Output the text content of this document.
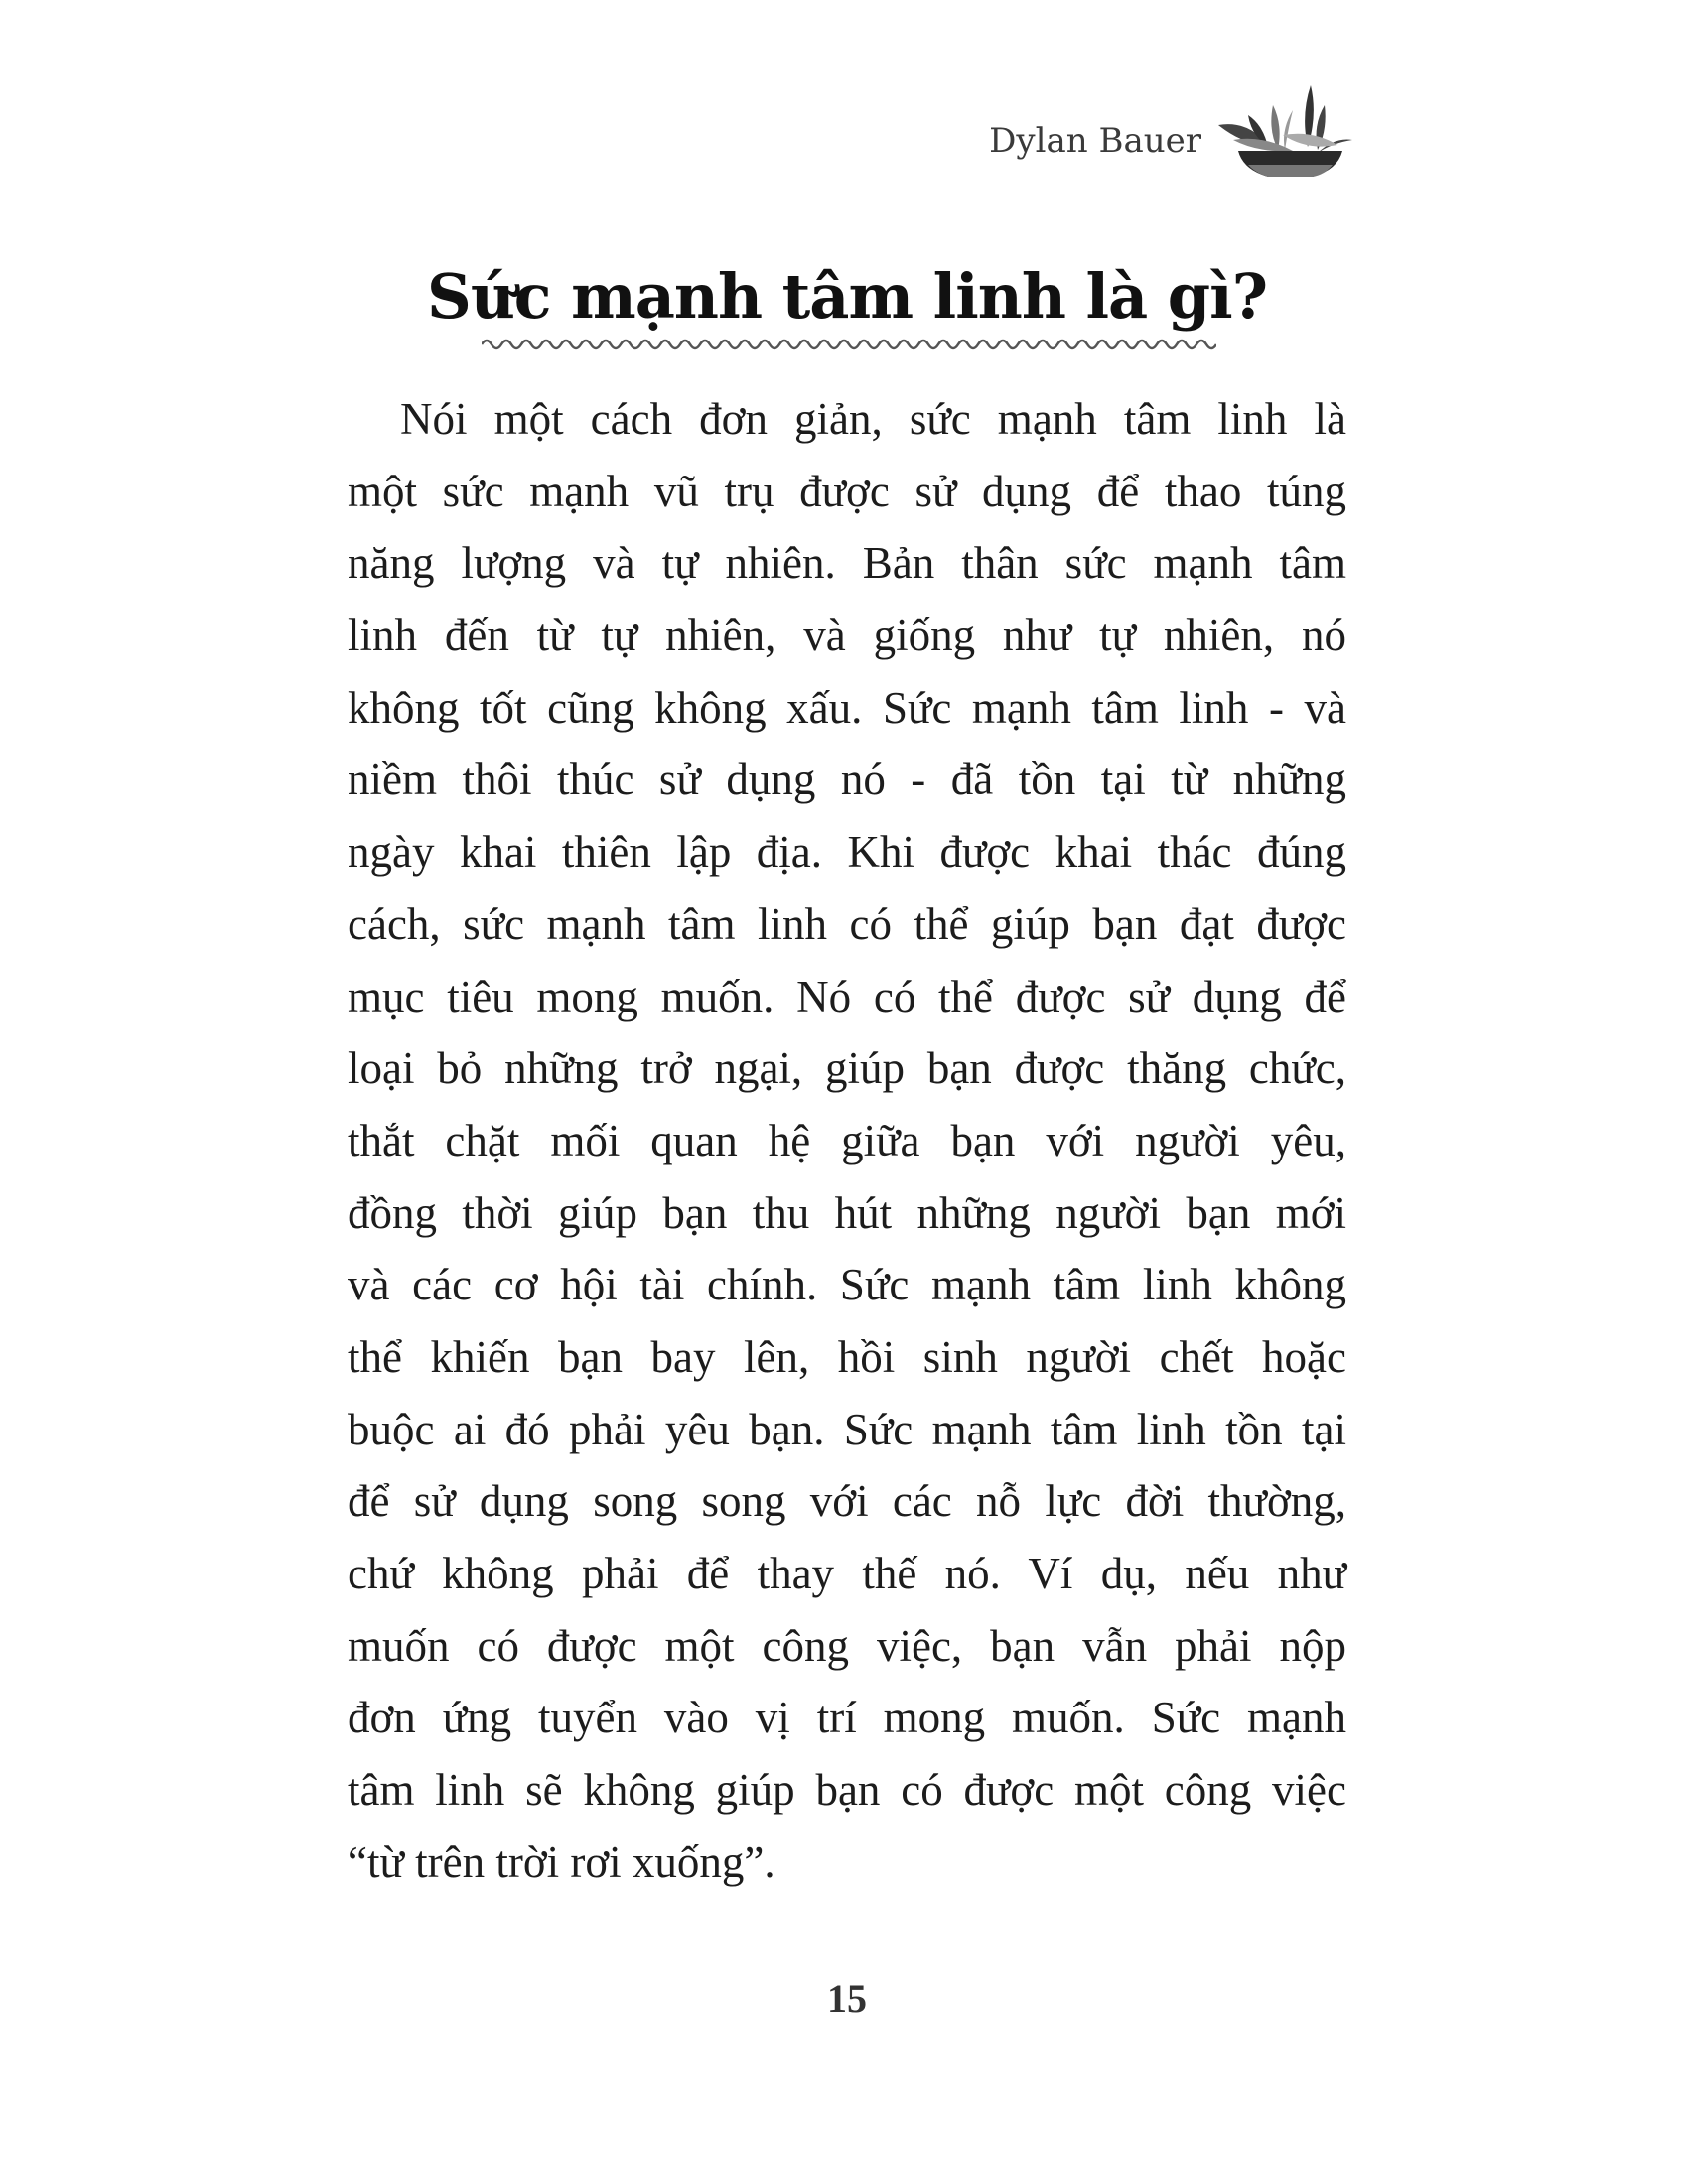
Dylan Bauer
Sức mạnh tâm linh là gì?
Nói một cách đơn giản, sức mạnh tâm linh là
một sức mạnh vũ trụ được sử dụng để thao túng
năng lượng và tự nhiên. Bản thân sức mạnh tâm
linh đến từ tự nhiên, và giống như tự nhiên, nó
không tốt cũng không xấu. Sức mạnh tâm linh - và
niềm thôi thúc sử dụng nó - đã tồn tại từ những
ngày khai thiên lập địa. Khi được khai thác đúng
cách, sức mạnh tâm linh có thể giúp bạn đạt được
mục tiêu mong muốn. Nó có thể được sử dụng để
loại bỏ những trở ngại, giúp bạn được thăng chức,
thắt chặt mối quan hệ giữa bạn với người yêu,
đồng thời giúp bạn thu hút những người bạn mới
và các cơ hội tài chính. Sức mạnh tâm linh không
thể khiến bạn bay lên, hồi sinh người chết hoặc
buộc ai đó phải yêu bạn. Sức mạnh tâm linh tồn tại
để sử dụng song song với các nỗ lực đời thường,
chứ không phải để thay thế nó. Ví dụ, nếu như
muốn có được một công việc, bạn vẫn phải nộp
đơn ứng tuyển vào vị trí mong muốn. Sức mạnh
tâm linh sẽ không giúp bạn có được một công việc
“từ trên trời rơi xuống”.
15
